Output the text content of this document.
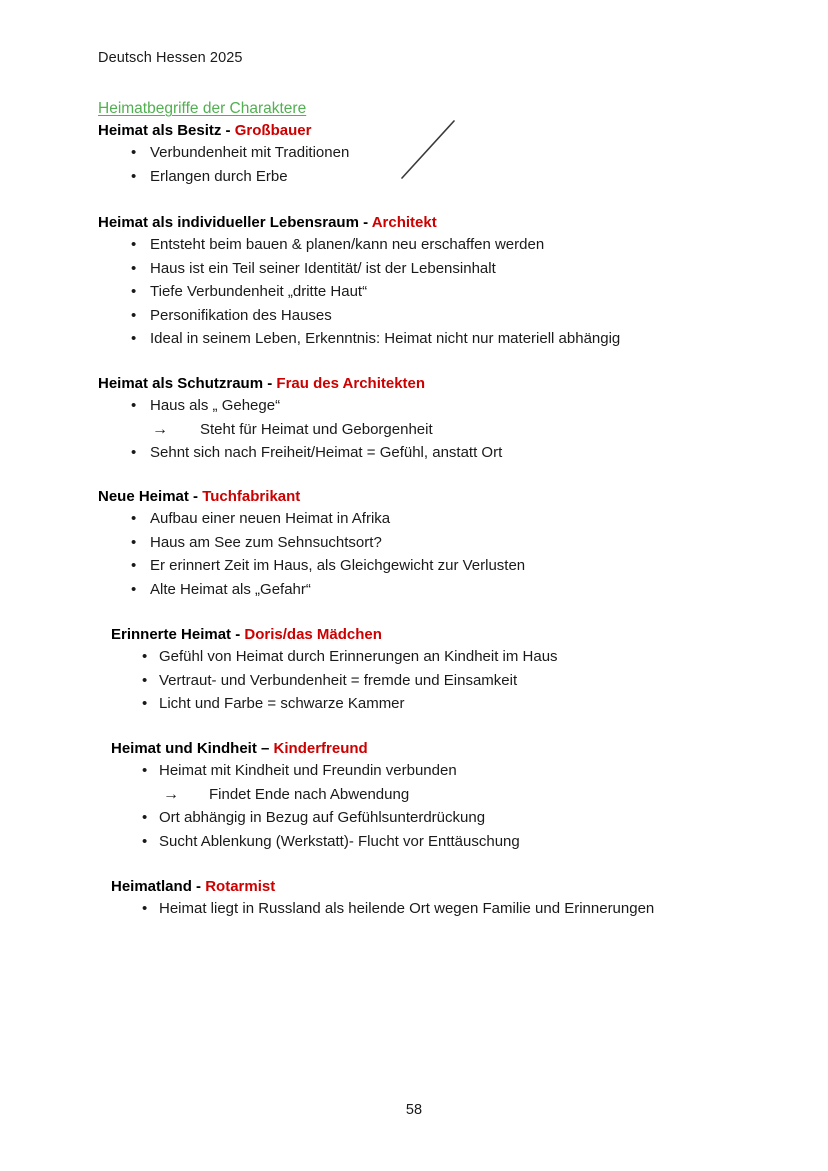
Deutsch Hessen 2025
Heimatbegriffe der Charaktere
Heimat als Besitz - Großbauer
• Verbundenheit mit Traditionen
• Erlangen durch Erbe
Heimat als individueller Lebensraum - Architekt
• Entsteht beim bauen & planen/kann neu erschaffen werden
• Haus ist ein Teil seiner Identität/ ist der Lebensinhalt
• Tiefe Verbundenheit „dritte Haut“
• Personifikation des Hauses
• Ideal in seinem Leben, Erkenntnis: Heimat nicht nur materiell abhängig
Heimat als Schutzraum - Frau des Architekten
• Haus als „ Gehege“
→ Steht für Heimat und Geborgenheit
• Sehnt sich nach Freiheit/Heimat = Gefühl, anstatt Ort
Neue Heimat - Tuchfabrikant
• Aufbau einer neuen Heimat in Afrika
• Haus am See zum Sehnsuchtsort?
• Er erinnert Zeit im Haus, als Gleichgewicht zur Verlusten
• Alte Heimat als „Gefahr“
Erinnerte Heimat - Doris/das Mädchen
• Gefühl von Heimat durch Erinnerungen an Kindheit im Haus
• Vertraut- und Verbundenheit = fremde und Einsamkeit
• Licht und Farbe = schwarze Kammer
Heimat und Kindheit – Kinderfreund
• Heimat mit Kindheit und Freundin verbunden
→ Findet Ende nach Abwendung
• Ort abhängig in Bezug auf Gefühlsunterdrückung
• Sucht Ablenkung (Werkstatt)- Flucht vor Enttäuschung
Heimatland - Rotarmist
• Heimat liegt in Russland als heilende Ort wegen Familie und Erinnerungen
58
